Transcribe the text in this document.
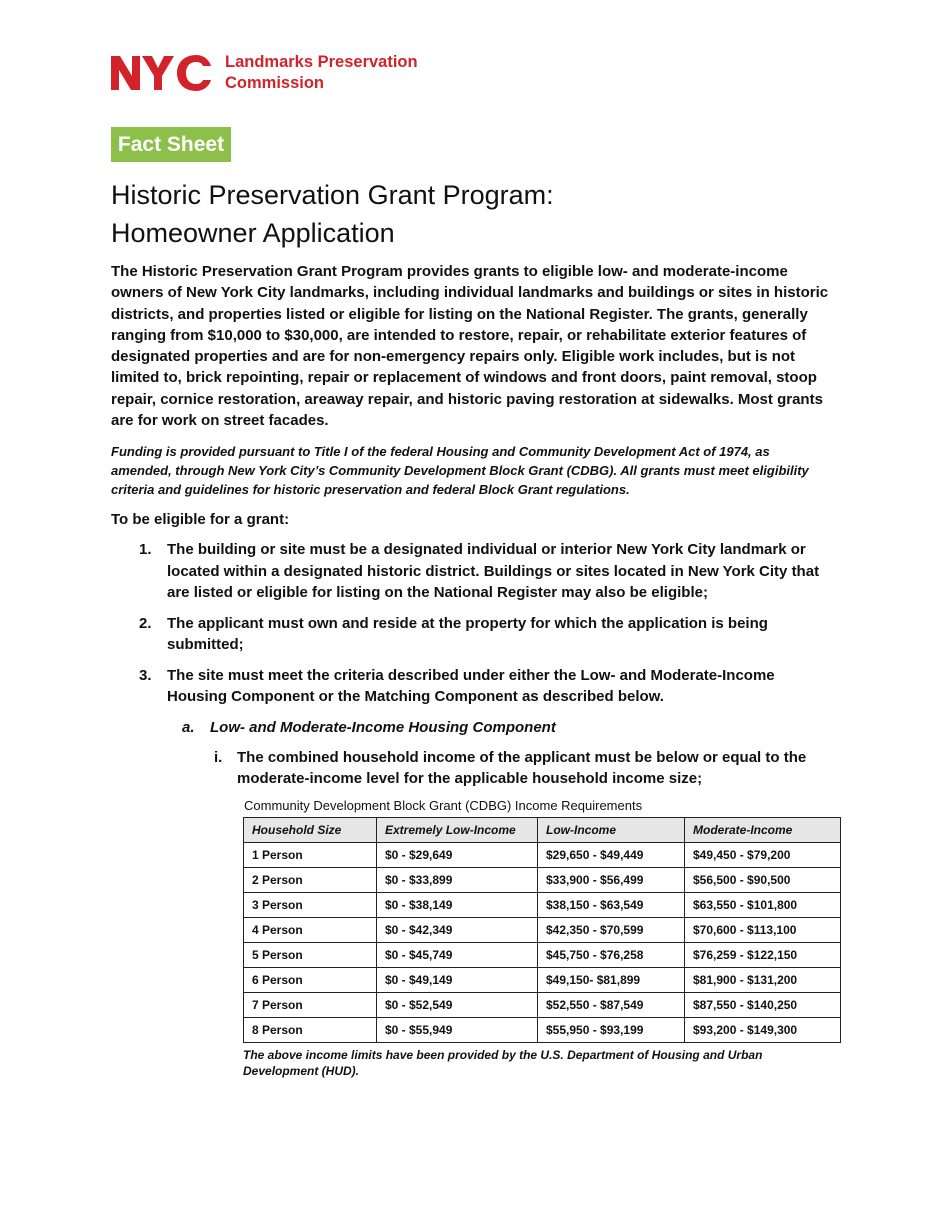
Landmarks Preservation
Commission
Fact Sheet
Historic Preservation Grant Program:
Homeowner Application

The Historic Preservation Grant Program provides grants to eligible low- and moderate-income owners of New York City landmarks, including individual landmarks and buildings or sites in historic districts, and properties listed or eligible for listing on the National Register. The grants, generally ranging from $10,000 to $30,000, are intended to restore, repair, or rehabilitate exterior features of designated properties and are for non-emergency repairs only. Eligible work includes, but is not limited to, brick repointing, repair or replacement of windows and front doors, paint removal, stoop repair, cornice restoration, areaway repair, and historic paving restoration at sidewalks. Most grants are for work on street facades.

Funding is provided pursuant to Title I of the federal Housing and Community Development Act of 1974, as amended, through New York City’s Community Development Block Grant (CDBG). All grants must meet eligibility criteria and guidelines for historic preservation and federal Block Grant regulations.

To be eligible for a grant:

1. The building or site must be a designated individual or interior New York City landmark or located within a designated historic district. Buildings or sites located in New York City that are listed or eligible for listing on the National Register may also be eligible;
2. The applicant must own and reside at the property for which the application is being submitted;
3. The site must meet the criteria described under either the Low- and Moderate-Income Housing Component or the Matching Component as described below.
a. Low- and Moderate-Income Housing Component
i. The combined household income of the applicant must be below or equal to the moderate-income level for the applicable household income size;
Community Development Block Grant (CDBG) Income Requirements
Household Size	Extremely Low-Income	Low-Income	Moderate-Income
1 Person	$0 - $29,649	$29,650 - $49,449	$49,450 - $79,200
2 Person	$0 - $33,899	$33,900 - $56,499	$56,500 - $90,500
3 Person	$0 - $38,149	$38,150 - $63,549	$63,550 - $101,800
4 Person	$0 - $42,349	$42,350 - $70,599	$70,600 - $113,100
5 Person	$0 - $45,749	$45,750 - $76,258	$76,259 - $122,150
6 Person	$0 - $49,149	$49,150- $81,899	$81,900 - $131,200
7 Person	$0 - $52,549	$52,550 - $87,549	$87,550 - $140,250
8 Person	$0 - $55,949	$55,950 - $93,199	$93,200 - $149,300
The above income limits have been provided by the U.S. Department of Housing and Urban Development (HUD).
